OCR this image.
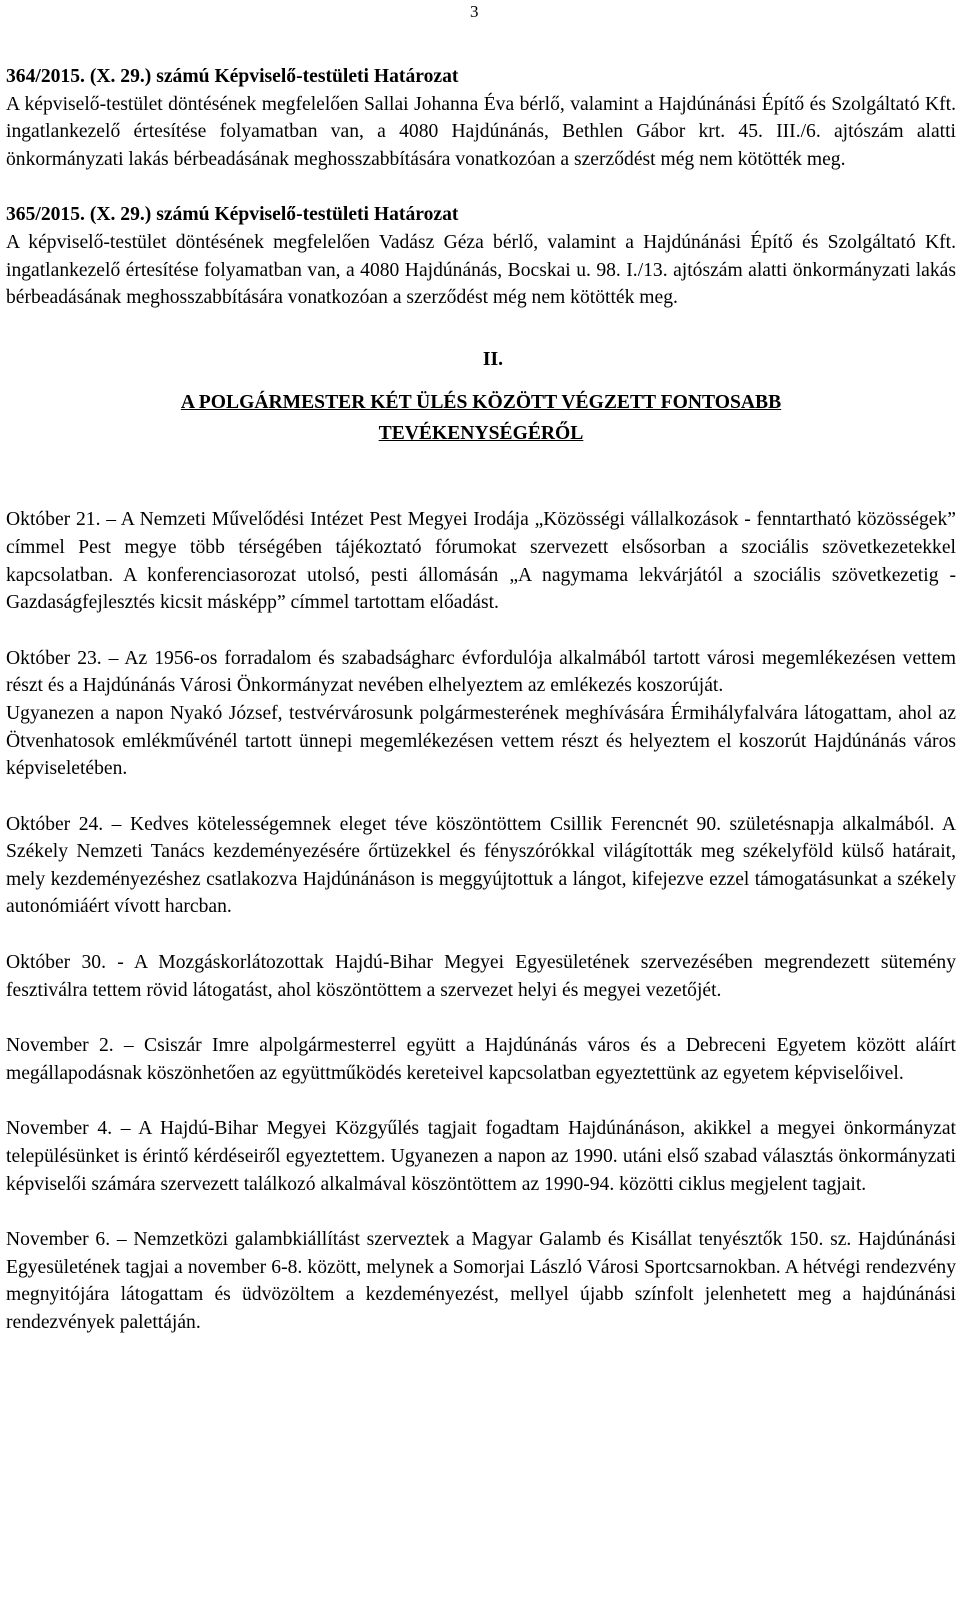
3

364/2015. (X. 29.) számú Képviselő-testületi Határozat
A képviselő-testület döntésének megfelelően Sallai Johanna Éva bérlő, valamint a Hajdúnánási Építő és Szolgáltató Kft. ingatlankezelő értesítése folyamatban van, a 4080 Hajdúnánás, Bethlen Gábor krt. 45. III./6. ajtószám alatti önkormányzati lakás bérbeadásának meghosszabbítására vonatkozóan a szerződést még nem kötötték meg.

365/2015. (X. 29.) számú Képviselő-testületi Határozat
A képviselő-testület döntésének megfelelően Vadász Géza bérlő, valamint a Hajdúnánási Építő és Szolgáltató Kft. ingatlankezelő értesítése folyamatban van, a 4080 Hajdúnánás, Bocskai u. 98. I./13. ajtószám alatti önkormányzati lakás bérbeadásának meghosszabbítására vonatkozóan a szerződést még nem kötötték meg.

II.

A POLGÁRMESTER KÉT ÜLÉS KÖZÖTT VÉGZETT FONTOSABB
TEVÉKENYSÉGÉRŐL

Október 21. – A Nemzeti Művelődési Intézet Pest Megyei Irodája „Közösségi vállalkozások - fenntartható közösségek” címmel Pest megye több térségében tájékoztató fórumokat szervezett elsősorban a szociális szövetkezetekkel kapcsolatban. A konferenciasorozat utolsó, pesti állomásán „A nagymama lekvárjától a szociális szövetkezetig - Gazdaságfejlesztés kicsit másképp” címmel tartottam előadást.

Október 23. – Az 1956-os forradalom és szabadságharc évfordulója alkalmából tartott városi megemlékezésen vettem részt és a Hajdúnánás Városi Önkormányzat nevében elhelyeztem az emlékezés koszorúját.

Ugyanezen a napon Nyakó József, testvérvárosunk polgármesterének meghívására Érmihályfalvára látogattam, ahol az Ötvenhatosok emlékművénél tartott ünnepi megemlékezésen vettem részt és helyeztem el koszorút Hajdúnánás város képviseletében.

Október 24. – Kedves kötelességemnek eleget téve köszöntöttem Csillik Ferencnét 90. születésnapja alkalmából. A Székely Nemzeti Tanács kezdeményezésére őrtüzekkel és fényszórókkal világították meg székelyföld külső határait, mely kezdeményezéshez csatlakozva Hajdúnánáson is meggyújtottuk a lángot, kifejezve ezzel támogatásunkat a székely autonómiáért vívott harcban.

Október 30. - A Mozgáskorlátozottak Hajdú-Bihar Megyei Egyesületének szervezésében megrendezett sütemény fesztiválra tettem rövid látogatást, ahol köszöntöttem a szervezet helyi és megyei vezetőjét.

November 2. – Csiszár Imre alpolgármesterrel együtt a Hajdúnánás város és a Debreceni Egyetem között aláírt megállapodásnak köszönhetően az együttműködés kereteivel kapcsolatban egyeztettünk az egyetem képviselőivel.

November 4. – A Hajdú-Bihar Megyei Közgyűlés tagjait fogadtam Hajdúnánáson, akikkel a megyei önkormányzat településünket is érintő kérdéseiről egyeztettem. Ugyanezen a napon az 1990. utáni első szabad választás önkormányzati képviselői számára szervezett találkozó alkalmával köszöntöttem az 1990-94. közötti ciklus megjelent tagjait.

November 6. – Nemzetközi galambkiállítást szerveztek a Magyar Galamb és Kisállat tenyésztők 150. sz. Hajdúnánási Egyesületének tagjai a november 6-8. között, melynek a Somorjai László Városi Sportcsarnokban. A hétvégi rendezvény megnyitójára látogattam és üdvözöltem a kezdeményezést, mellyel újabb színfolt jelenhetett meg a hajdúnánási rendezvények palettáján.
